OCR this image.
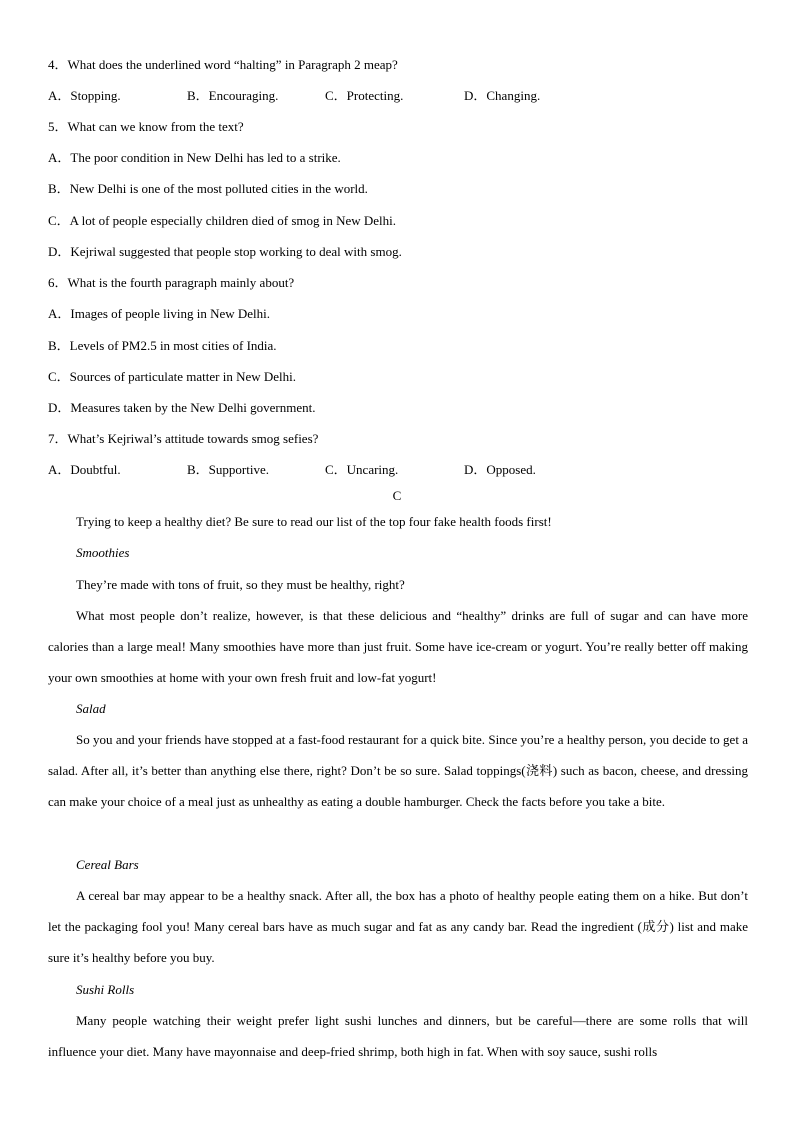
4．What does the underlined word “halting” in Paragraph 2 meap?
A．Stopping.	B．Encouraging.	C．Protecting.	D．Changing.
5．What can we know from the text?
A．The poor condition in New Delhi has led to a strike.
B．New Delhi is one of the most polluted cities in the world.
C．A lot of people especially children died of smog in New Delhi.
D．Kejriwal suggested that people stop working to deal with smog.
6．What is the fourth paragraph mainly about?
A．Images of people living in New Delhi.
B．Levels of PM2.5 in most cities of India.
C．Sources of particulate matter in New Delhi.
D．Measures taken by the New Delhi government.
7．What’s Kejriwal’s attitude towards smog sefies?
A．Doubtful.	B．Supportive.	C．Uncaring.	D．Opposed.
C
Trying to keep a healthy diet? Be sure to read our list of the top four fake health foods first!
Smoothies
They’re made with tons of fruit, so they must be healthy, right?
What most people don’t realize, however, is that these delicious and “healthy” drinks are full of sugar and can have more calories than a large meal! Many smoothies have more than just fruit. Some have ice-cream or yogurt. You’re really better off making your own smoothies at home with your own fresh fruit and low-fat yogurt!
Salad
So you and your friends have stopped at a fast-food restaurant for a quick bite. Since you’re a healthy person, you decide to get a salad. After all, it’s better than anything else there, right? Don’t be so sure. Salad toppings(浇料) such as bacon, cheese, and dressing can make your choice of a meal just as unhealthy as eating a double hamburger. Check the facts before you take a bite.
Cereal Bars
A cereal bar may appear to be a healthy snack. After all, the box has a photo of healthy people eating them on a hike. But don’t let the packaging fool you! Many cereal bars have as much sugar and fat as any candy bar. Read the ingredient (成分) list and make sure it’s healthy before you buy.
Sushi Rolls
Many people watching their weight prefer light sushi lunches and dinners, but be careful—there are some rolls that will influence your diet. Many have mayonnaise and deep-fried shrimp, both high in fat. When with soy sauce, sushi rolls
